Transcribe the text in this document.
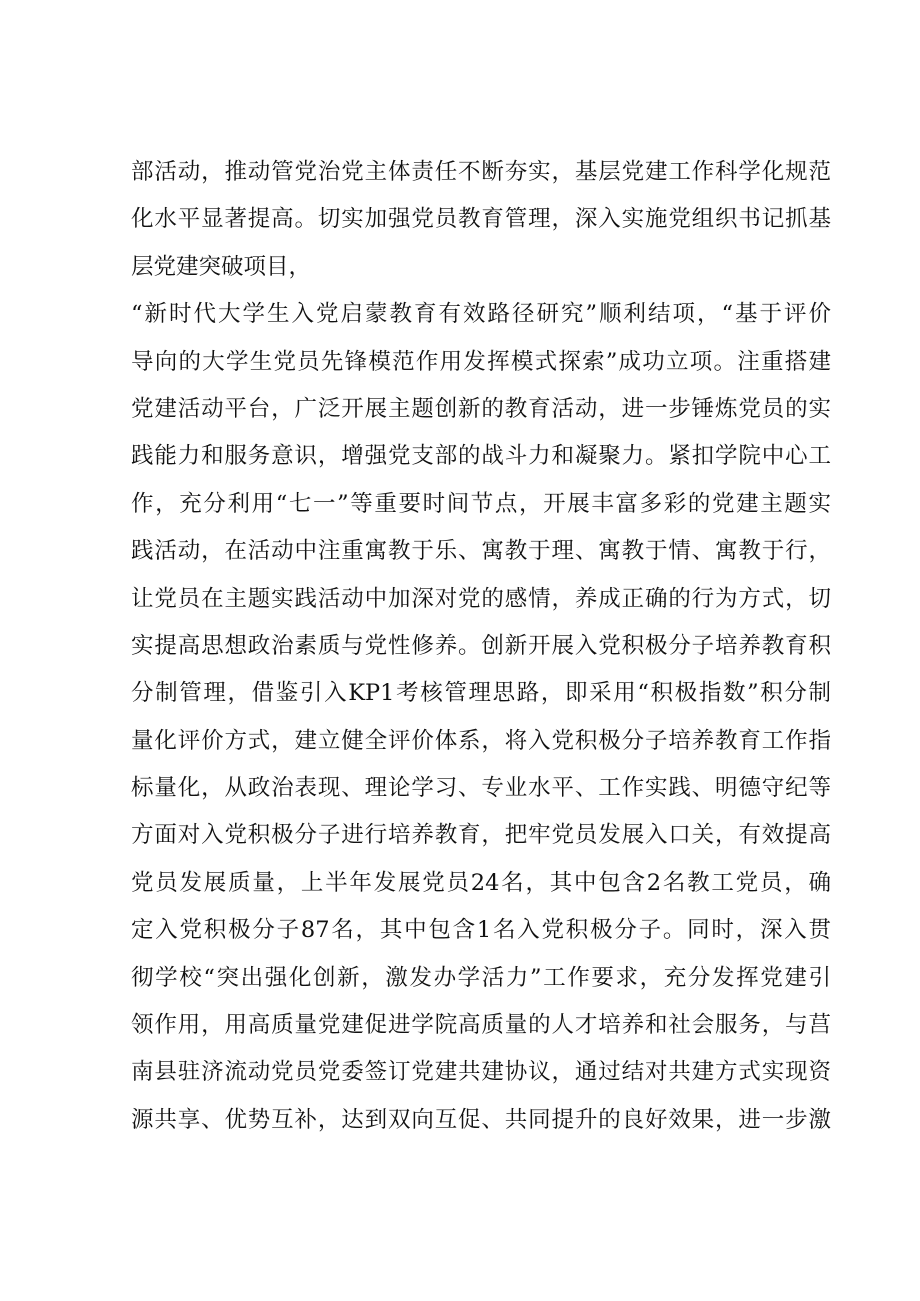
部活动，推动管党治党主体责任不断夯实，基层党建工作科学化规范
化水平显著提高。切实加强党员教育管理，深入实施党组织书记抓基
层党建突破项目，
“新时代大学生入党启蒙教育有效路径研究”顺利结项，“基于评价
导向的大学生党员先锋模范作用发挥模式探索”成功立项。注重搭建
党建活动平台，广泛开展主题创新的教育活动，进一步锤炼党员的实
践能力和服务意识，增强党支部的战斗力和凝聚力。紧扣学院中心工
作，充分利用“七一”等重要时间节点，开展丰富多彩的党建主题实
践活动，在活动中注重寓教于乐、寓教于理、寓教于情、寓教于行，
让党员在主题实践活动中加深对党的感情，养成正确的行为方式，切
实提高思想政治素质与党性修养。创新开展入党积极分子培养教育积
分制管理，借鉴引入KP1考核管理思路，即采用“积极指数”积分制
量化评价方式，建立健全评价体系，将入党积极分子培养教育工作指
标量化，从政治表现、理论学习、专业水平、工作实践、明德守纪等
方面对入党积极分子进行培养教育，把牢党员发展入口关，有效提高
党员发展质量，上半年发展党员24名，其中包含2名教工党员，确
定入党积极分子87名，其中包含1名入党积极分子。同时，深入贯
彻学校“突出强化创新，激发办学活力”工作要求，充分发挥党建引
领作用，用高质量党建促进学院高质量的人才培养和社会服务，与莒
南县驻济流动党员党委签订党建共建协议，通过结对共建方式实现资
源共享、优势互补，达到双向互促、共同提升的良好效果，进一步激
